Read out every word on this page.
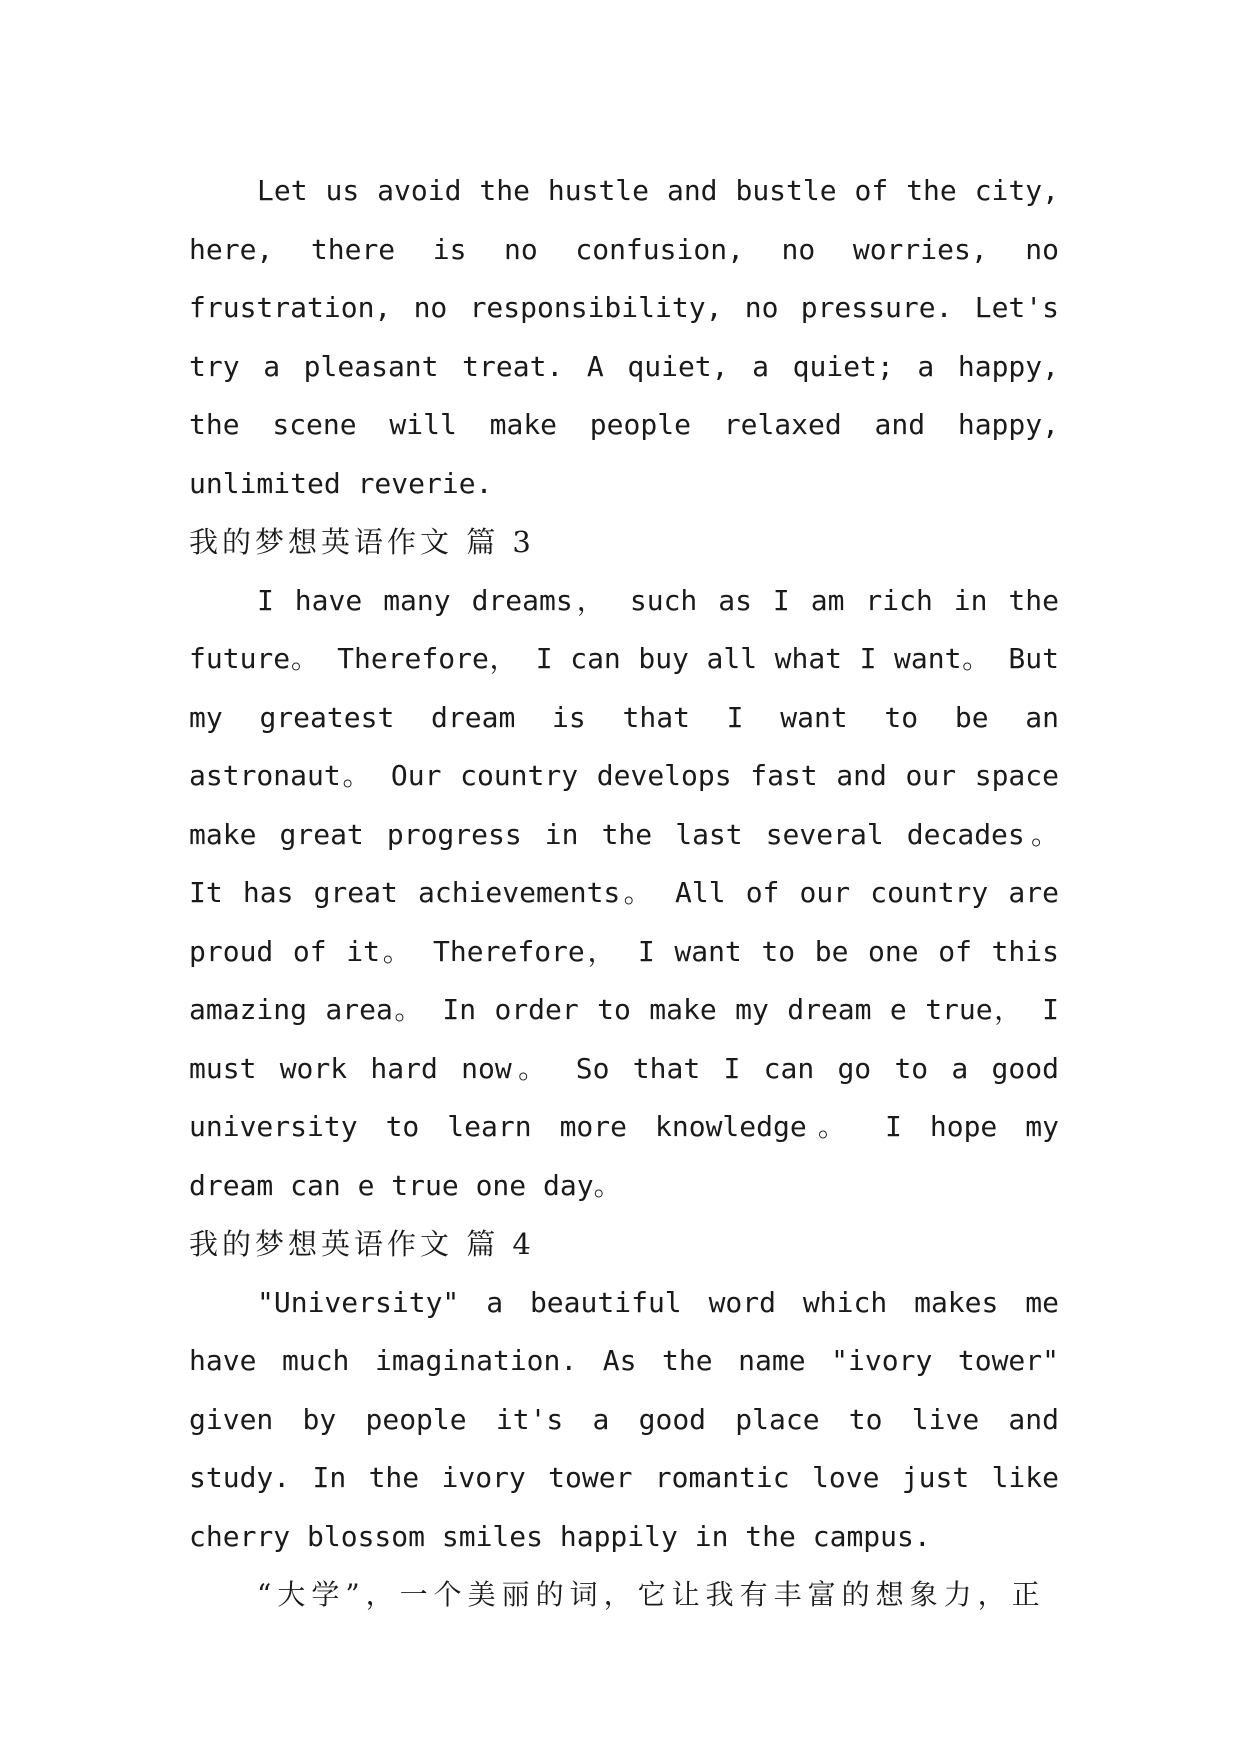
Let us avoid the hustle and bustle of the city, here, there is no confusion, no worries, no frustration, no responsibility, no pressure. Let's try a pleasant treat. A quiet, a quiet; a happy, the scene will make people relaxed and happy, unlimited reverie.

我的梦想英语作文 篇 3

I have many dreams， such as I am rich in the future。 Therefore， I can buy all what I want。 But my greatest dream is that I want to be an astronaut。 Our country develops fast and our space make great progress in the last several decades。 It has great achievements。 All of our country are proud of it。 Therefore， I want to be one of this amazing area。 In order to make my dream e true， I must work hard now。 So that I can go to a good university to learn more knowledge。 I hope my dream can e true one day。

我的梦想英语作文 篇 4

"University" a beautiful word which makes me have much imagination. As the name "ivory tower" given by people it's a good place to live and study. In the ivory tower romantic love just like cherry blossom smiles happily in the campus.

“大学”，一个美丽的词，它让我有丰富的想象力，正
